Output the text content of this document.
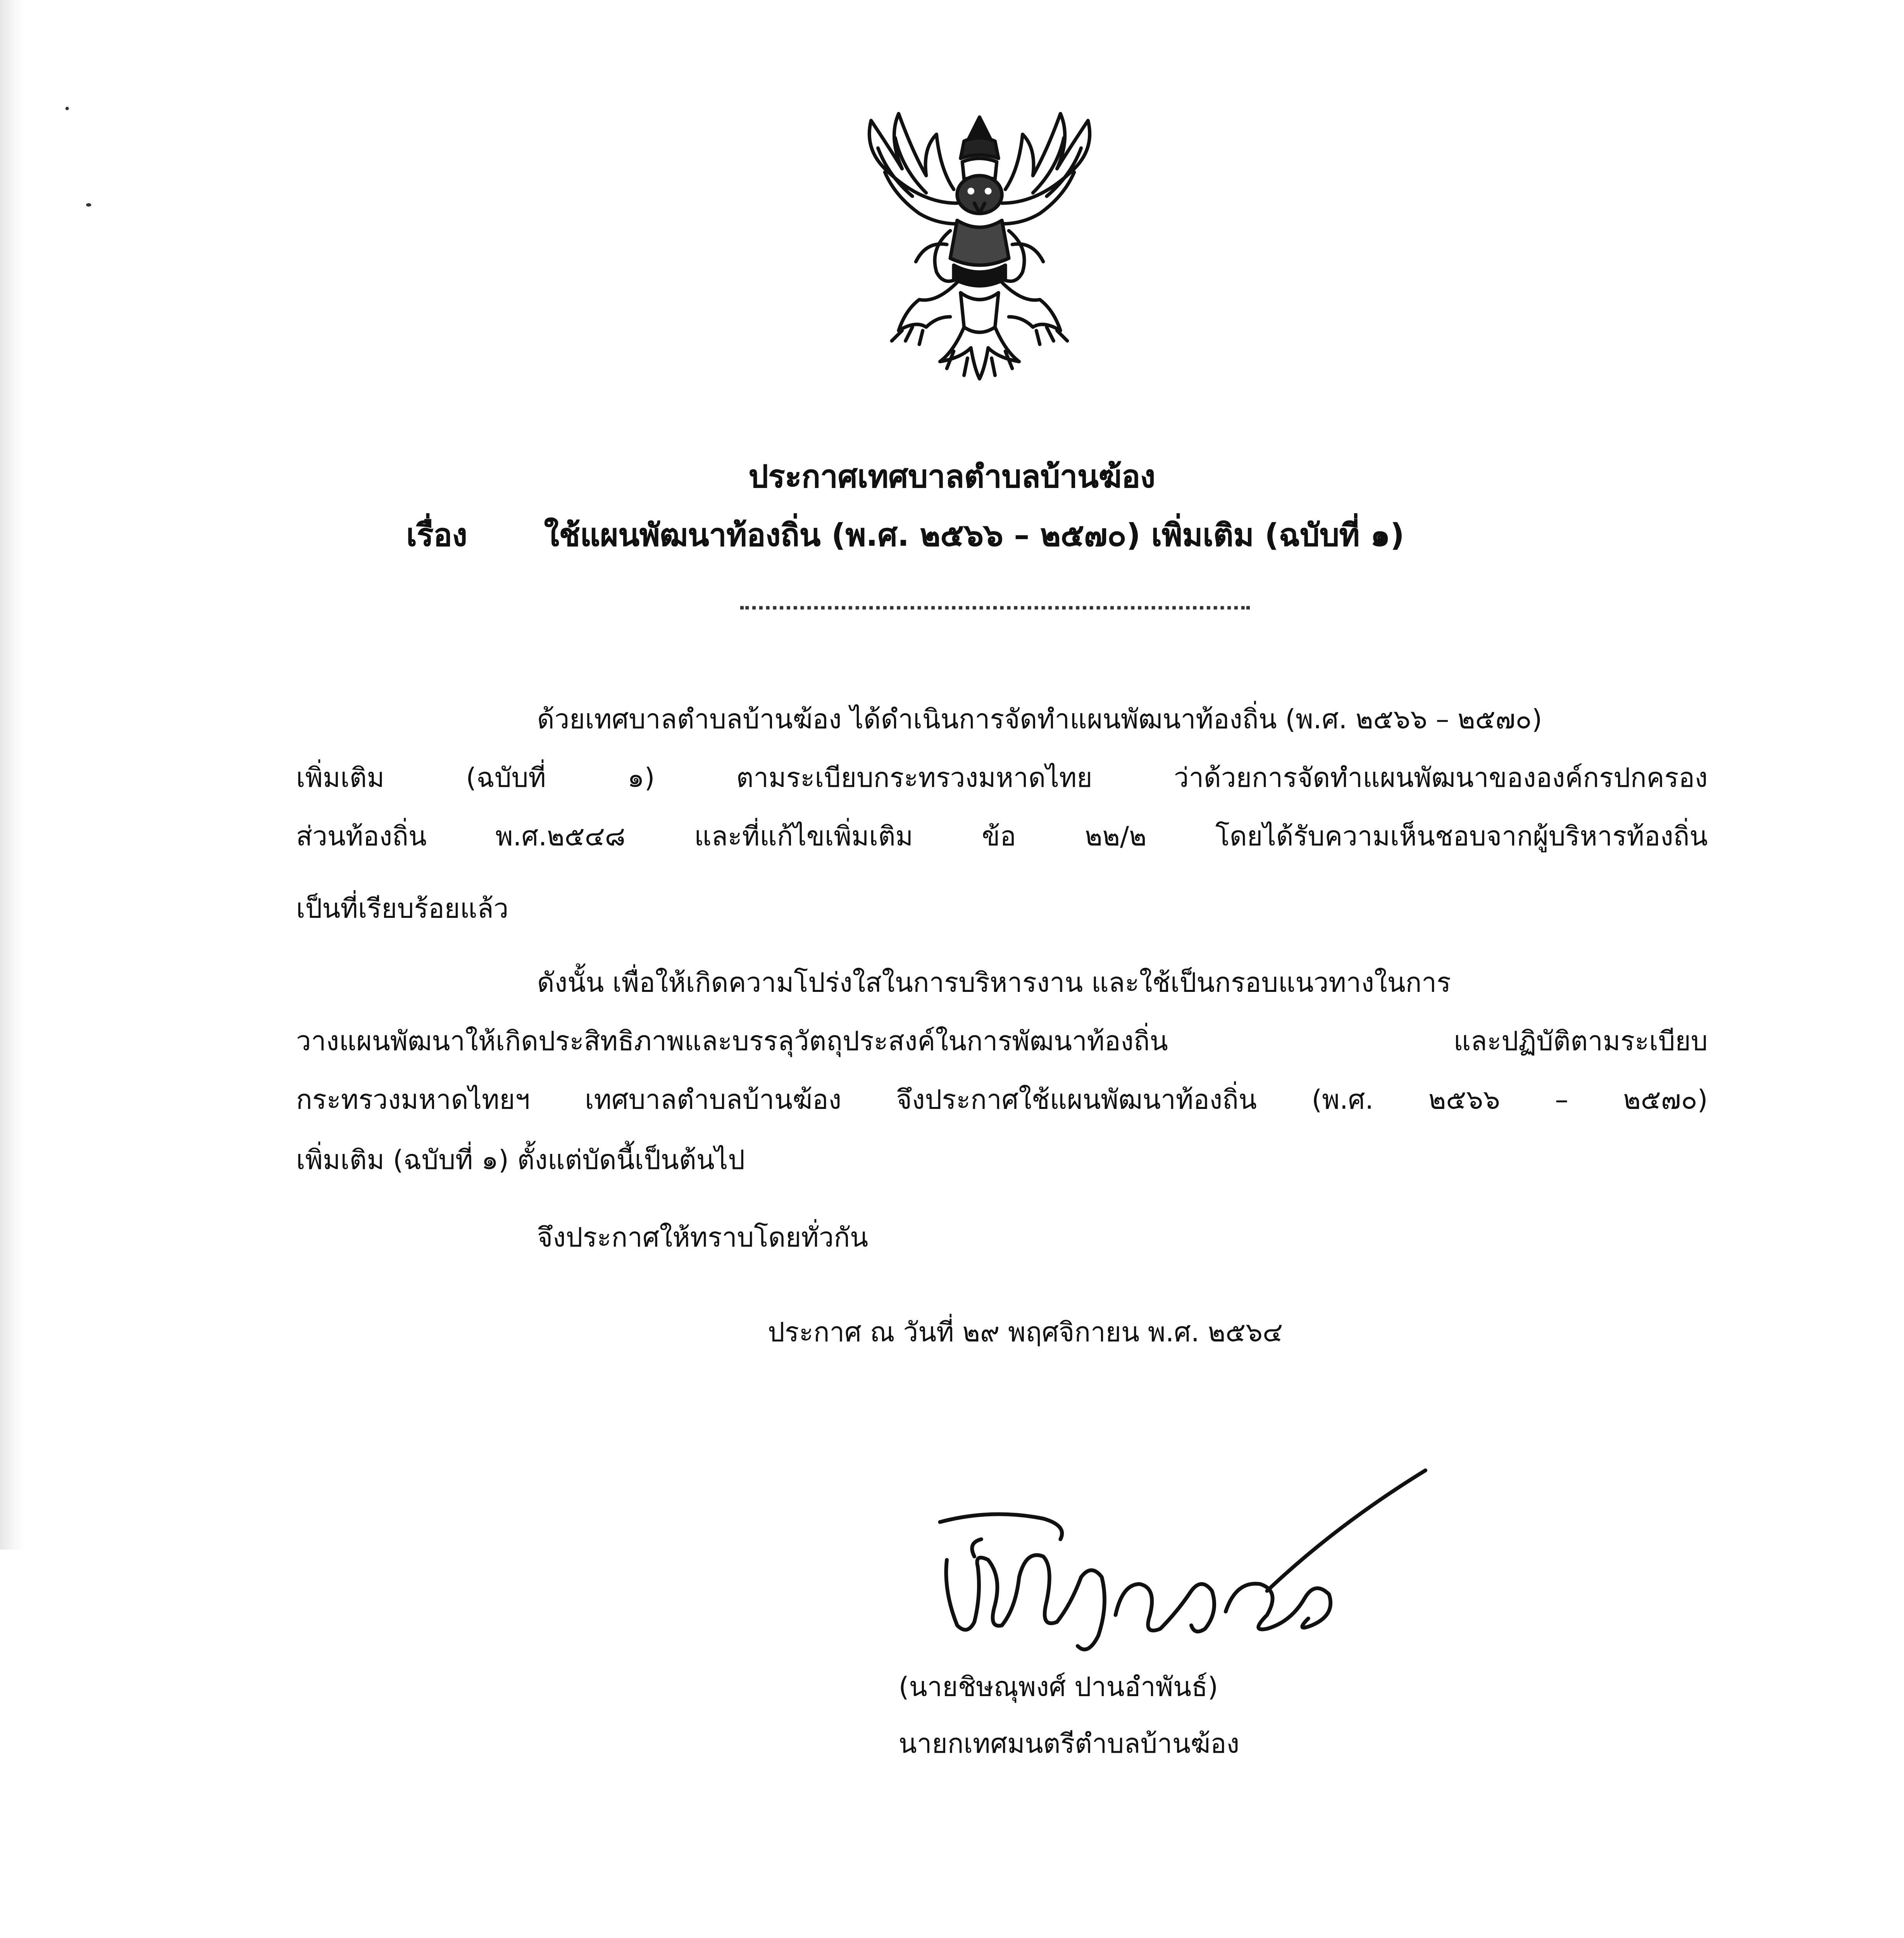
ประกาศเทศบาลตำบลบ้านฆ้อง
เรื่อง	ใช้แผนพัฒนาท้องถิ่น (พ.ศ. ๒๕๖๖ – ๒๕๗๐) เพิ่มเติม (ฉบับที่ ๑)
ด้วยเทศบาลตำบลบ้านฆ้อง ได้ดำเนินการจัดทำแผนพัฒนาท้องถิ่น (พ.ศ. ๒๕๖๖ – ๒๕๗๐)
เพิ่มเติม (ฉบับที่ ๑) ตามระเบียบกระทรวงมหาดไทย ว่าด้วยการจัดทำแผนพัฒนาขององค์กรปกครอง
ส่วนท้องถิ่น พ.ศ.๒๕๔๘ และที่แก้ไขเพิ่มเติม ข้อ ๒๒/๒ โดยได้รับความเห็นชอบจากผู้บริหารท้องถิ่น
เป็นที่เรียบร้อยแล้ว
ดังนั้น เพื่อให้เกิดความโปร่งใสในการบริหารงาน และใช้เป็นกรอบแนวทางในการ
วางแผนพัฒนาให้เกิดประสิทธิภาพและบรรลุวัตถุประสงค์ในการพัฒนาท้องถิ่น และปฏิบัติตามระเบียบ
กระทรวงมหาดไทยฯ เทศบาลตำบลบ้านฆ้อง จึงประกาศใช้แผนพัฒนาท้องถิ่น (พ.ศ. ๒๕๖๖ – ๒๕๗๐)
เพิ่มเติม (ฉบับที่ ๑) ตั้งแต่บัดนี้เป็นต้นไป
จึงประกาศให้ทราบโดยทั่วกัน
ประกาศ ณ วันที่ ๒๙ พฤศจิกายน พ.ศ. ๒๕๖๔
(นายชิษณุพงศ์ ปานอำพันธ์)
นายกเทศมนตรีตำบลบ้านฆ้อง
